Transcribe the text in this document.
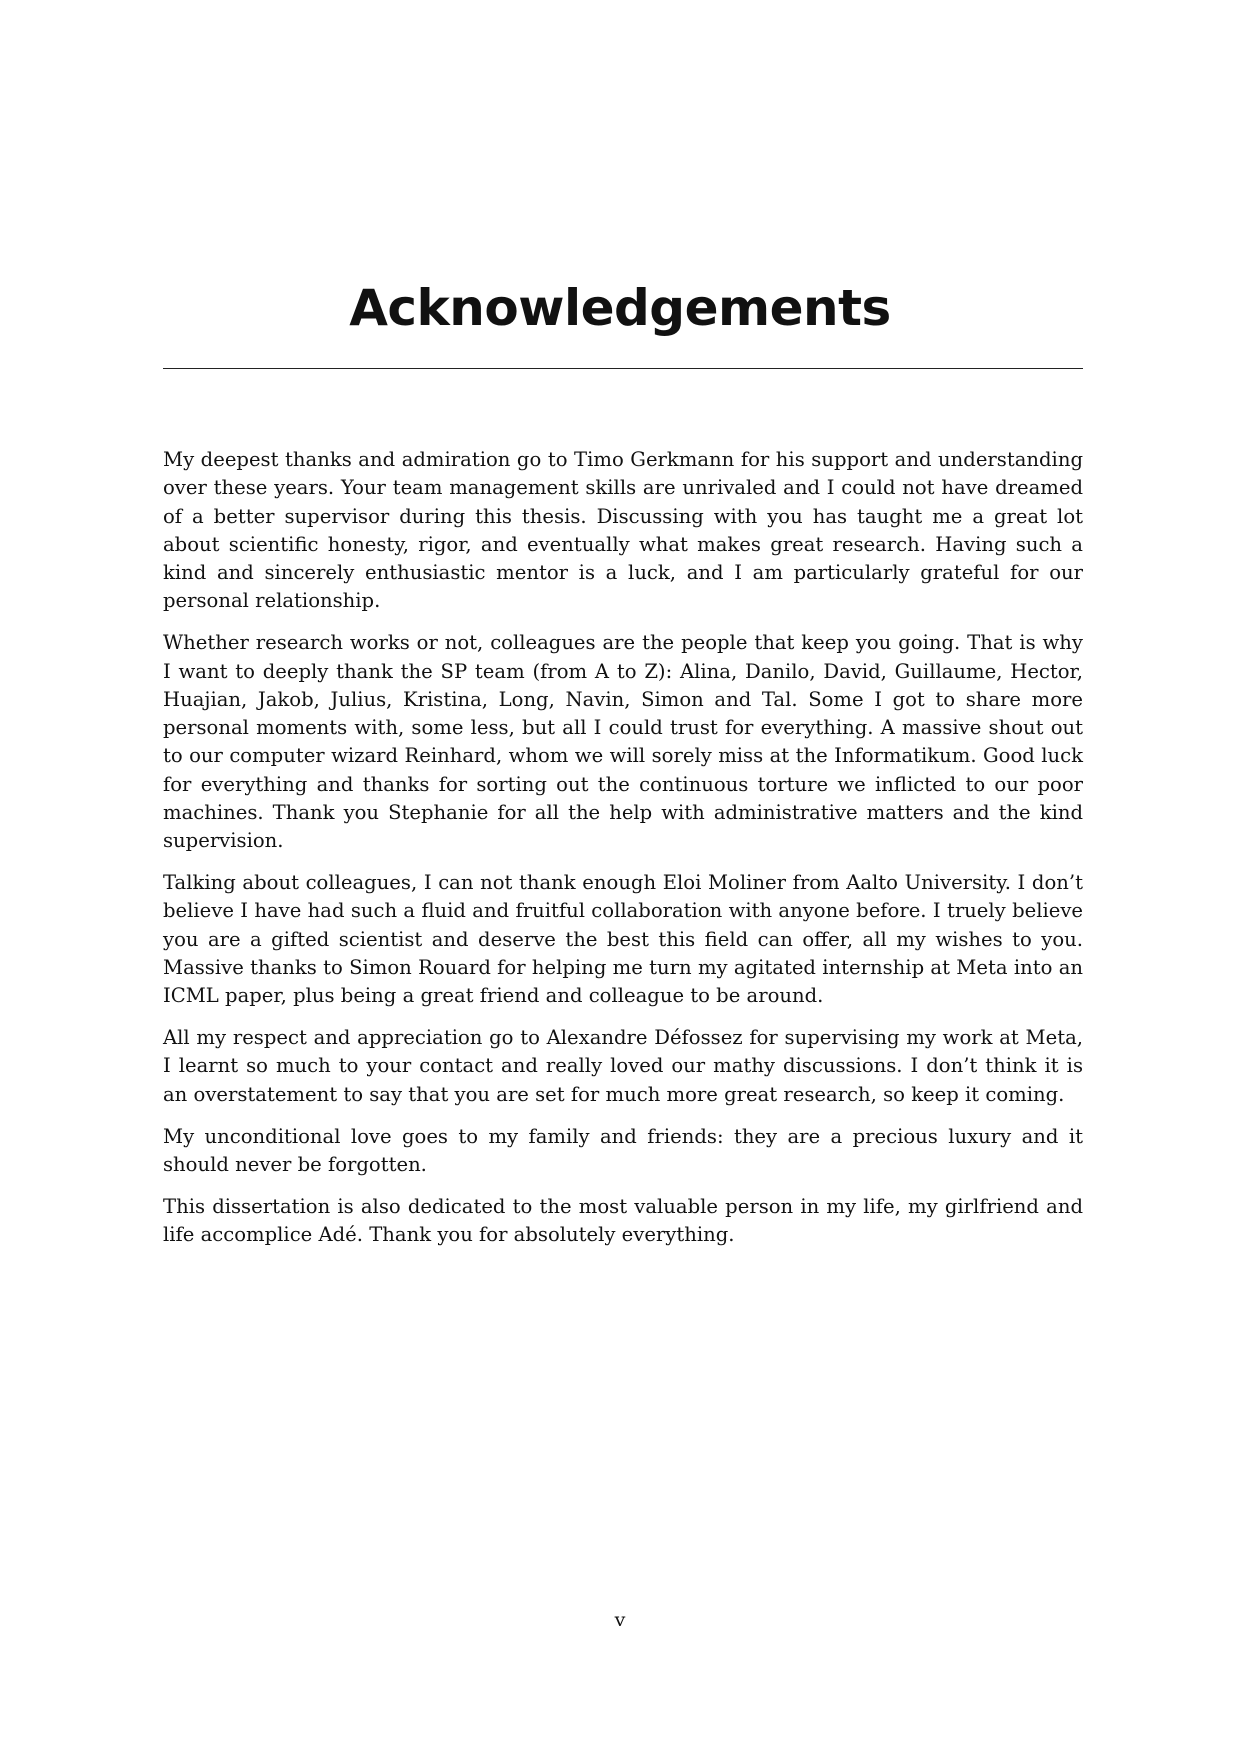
Acknowledgements

My deepest thanks and admiration go to Timo Gerkmann for his support and understanding over these years. Your team management skills are unrivaled and I could not have dreamed of a better supervisor during this thesis. Discussing with you has taught me a great lot about scientific honesty, rigor, and eventually what makes great research. Having such a kind and sincerely enthusiastic mentor is a luck, and I am particularly grateful for our personal relationship.

Whether research works or not, colleagues are the people that keep you going. That is why I want to deeply thank the SP team (from A to Z): Alina, Danilo, David, Guillaume, Hector, Huajian, Jakob, Julius, Kristina, Long, Navin, Simon and Tal. Some I got to share more personal moments with, some less, but all I could trust for everything. A massive shout out to our computer wizard Reinhard, whom we will sorely miss at the Informatikum. Good luck for everything and thanks for sorting out the continuous torture we inflicted to our poor machines. Thank you Stephanie for all the help with administrative matters and the kind supervision.

Talking about colleagues, I can not thank enough Eloi Moliner from Aalto University. I don’t believe I have had such a fluid and fruitful collaboration with anyone before. I truely believe you are a gifted scientist and deserve the best this field can offer, all my wishes to you. Massive thanks to Simon Rouard for helping me turn my agitated internship at Meta into an ICML paper, plus being a great friend and colleague to be around.

All my respect and appreciation go to Alexandre Défossez for supervising my work at Meta, I learnt so much to your contact and really loved our mathy discussions. I don’t think it is an overstatement to say that you are set for much more great research, so keep it coming.

My unconditional love goes to my family and friends: they are a precious luxury and it should never be forgotten.

This dissertation is also dedicated to the most valuable person in my life, my girlfriend and life accomplice Adé. Thank you for absolutely everything.

v
